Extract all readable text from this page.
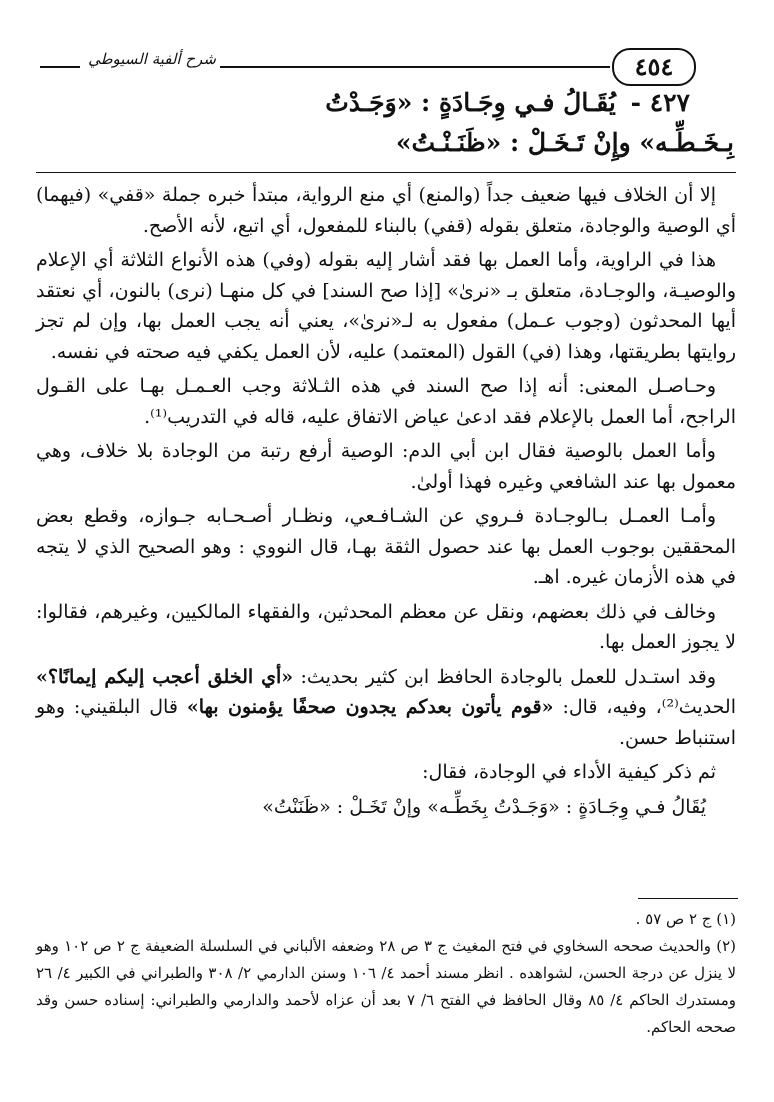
شرح ألفية السيوطي	٤٥٤
٤٢٧ - يُقَـالُ فـي وِجَـادَةٍ : «وَجَـدْتُ
بِـخَـطِّـه» وإِنْ تَـخَـلْ : «ظَنَـنْـتُ»

إلا أن الخلاف فيها ضعيف جداً (والمنع) أي منع الرواية، مبتدأ خبره جملة «قفي» (فيهما) أي الوصية والوجادة، متعلق بقوله (قفي) بالبناء للمفعول، أي اتبع، لأنه الأصح.

هذا في الراوية، وأما العمل بها فقد أشار إليه بقوله (وفي) هذه الأنواع الثلاثة أي الإعلام والوصيـة، والوجـادة، متعلق بـ «نرىٰ» [إذا صح السند] في كل منهـا (نرى) بالنون، أي نعتقد أيها المحدثون (وجوب عـمل) مفعول به لـ«نرىٰ»، يعني أنه يجب العمل بها، وإن لم تجز روايتها بطريقتها، وهذا (في) القول (المعتمد) عليه، لأن العمل يكفي فيه صحته في نفسه.

وحـاصـل المعنى: أنه إذا صح السند في هذه الثـلاثة وجب العـمـل بهـا على القـول الراجح، أما العمل بالإعلام فقد ادعىٰ عياض الاتفاق عليه، قاله في التدريب⁽¹⁾.

وأما العمل بالوصية فقال ابن أبي الدم: الوصية أرفع رتبة من الوجادة بلا خلاف، وهي معمول بها عند الشافعي وغيره فهذا أولىٰ.

وأمـا العمـل بـالوجـادة فـروي عن الشـافـعي، ونظـار أصـحـابه جـوازه، وقطع بعض المحققين بوجوب العمل بها عند حصول الثقة بهـا، قال النووي : وهو الصحيح الذي لا يتجه في هذه الأزمان غيره. اهـ.

وخالف في ذلك بعضهم، ونقل عن معظم المحدثين، والفقهاء المالكيين، وغيرهم، فقالوا: لا يجوز العمل بها.

وقد استـدل للعمل بالوجادة الحافظ ابن كثير بحديث: «أي الخلق أعجب إليكم إيمانًا؟» الحديث⁽²⁾، وفيه، قال: «قوم يأتون بعدكم يجدون صحفًا يؤمنون بها» قال البلقيني: وهو استنباط حسن.

ثم ذكر كيفية الأداء في الوجادة، فقال:

يُقَالُ فـي وِجَـادَةٍ : «وَجَـدْتُ بِخَطِّـه» وإنْ تَخَـلْ : «ظَنَنْتُ»

(١) ج ٢ ص ٥٧ .

(٢) والحديث صححه السخاوي في فتح المغيث ج ٣ ص ٢٨ وضعفه الألباني في السلسلة الضعيفة ج ٢ ص ١٠٢ وهو لا ينزل عن درجة الحسن، لشواهده . انظر مسند أحمد ٤/ ١٠٦ وسنن الدارمي ٢/ ٣٠٨ والطبراني في الكبير ٤/ ٢٦ ومستدرك الحاكم ٤/ ٨٥ وقال الحافظ في الفتح ٦/ ٧ بعد أن عزاه لأحمد والدارمي والطبراني: إسناده حسن وقد صححه الحاكم.
